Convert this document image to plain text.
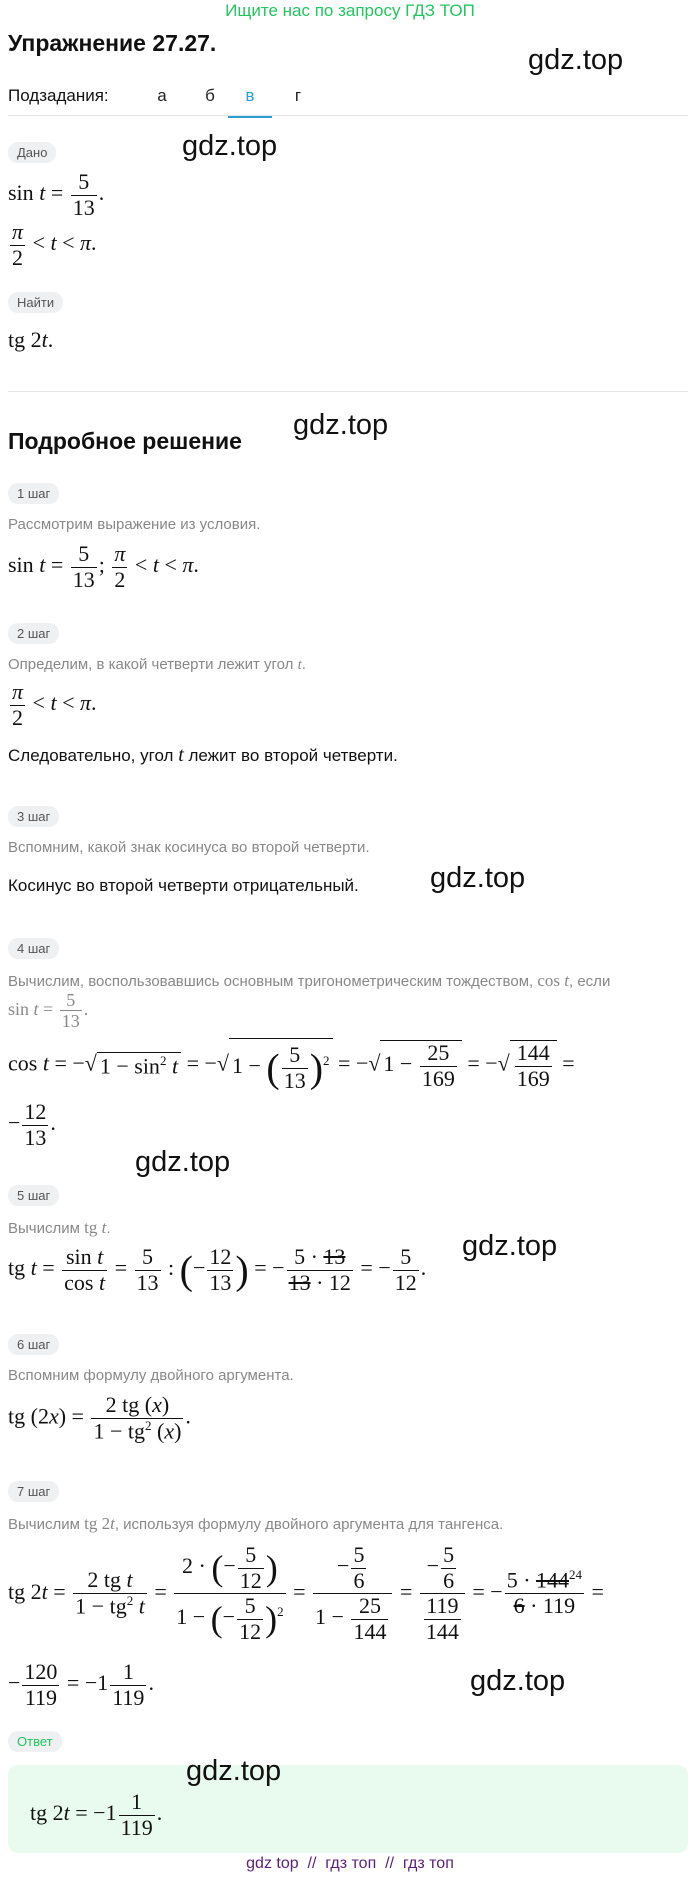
Ищите нас по запросу ГДЗ ТОП
Упражнение 27.27.
gdz.top
Подзадания:	а	б	в	г
Дано	gdz.top
$\sin t = \frac{5}{13}$ .
$\frac{\pi}{2} < t < \pi$.
Найти
tg 2t.
Подробное решение gdz.top
1 шаг
Рассмотрим выражение из условия.
$\sin t = \frac{5}{13}$ ; $\frac{\pi}{2} < t < \pi$.
2 шаг
Определим, в какой четверти лежит угол t.
$\frac{\pi}{2} < t < \pi$.
Следовательно, угол t лежит во второй четверти.
3 шаг
Вспомним, какой знак косинуса во второй четверти.
Косинус во второй четверти отрицательный. gdz.top
4 шаг
Вычислим, воспользовавшись основным тригонометрическим тождеством, cos t, если
$\sin t = \frac{5}{13}$ .
cos t = −√ $1 - \sin^2 t$ = −√ 1 − ( $\frac{5}{13} )^2$ = −√ $1 - \frac{25}{169}$ = −√ $\frac{144}{169}$ =
− $\frac{12}{13}$ .
gdz.top
5 шаг
Вычислим tg t.
gdz.top
tg $t = \frac{\text{sin t}}{\text{cos t}} = \frac{5}{13}$ : (− $\frac{12}{13}$ ) = − $\frac{5 \cdot 13}{13 \cdot 12}$ = − $\frac{5}{12}$ .
6 шаг
Вспомним формулу двойного аргумента.
tg $(2x) = \frac{2 tg (x)}{1 - tg^2 (x)}$ .
7 шаг
Вычислим tg 2t, используя формулу двойного аргумента для тангенса.
tg $2t = \frac{\text{2 tg t}}{1 - tg^2 t} = \frac{2 \cdot (- \frac{5}{12} )}{1 - (- \frac{5}{12} )^2} = \frac{- \frac{5}{6}}{1 - \frac{25}{144}} = \frac{- \frac{5}{6}}{\frac{119}{144}}$ = − $\frac{5 \cdot 144^{24}}{6 \cdot 119}$ =
− $\frac{120}{119} = -1 \frac{1}{119}$ .	gdz.top
Ответ
gdz.top
tg $2t = -1 \frac{1}{119}$ .
gdz top  //  гдз топ  //  гдз топ
